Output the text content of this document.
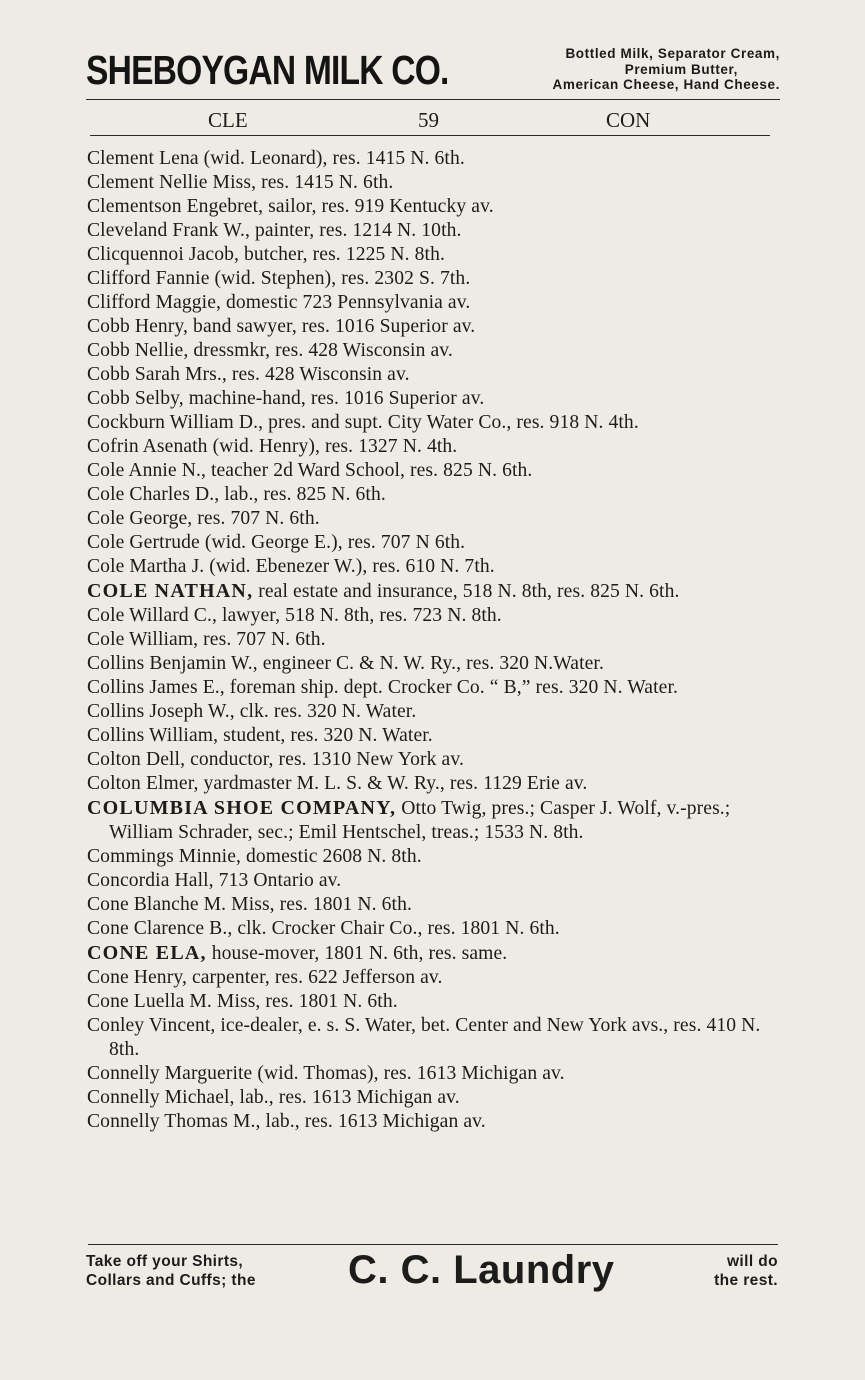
SHEBOYGAN MILK CO.	Bottled Milk, Separator Cream,
Premium Butter,
American Cheese, Hand Cheese.
CLE	59	CON
Clement Lena (wid. Leonard), res. 1415 N. 6th.
Clement Nellie Miss, res. 1415 N. 6th.
Clementson Engebret, sailor, res. 919 Kentucky av.
Cleveland Frank W., painter, res. 1214 N. 10th.
Clicquennoi Jacob, butcher, res. 1225 N. 8th.
Clifford Fannie (wid. Stephen), res. 2302 S. 7th.
Clifford Maggie, domestic 723 Pennsylvania av.
Cobb Henry, band sawyer, res. 1016 Superior av.
Cobb Nellie, dressmkr, res. 428 Wisconsin av.
Cobb Sarah Mrs., res. 428 Wisconsin av.
Cobb Selby, machine-hand, res. 1016 Superior av.
Cockburn William D., pres. and supt. City Water Co., res. 918 N. 4th.
Cofrin Asenath (wid. Henry), res. 1327 N. 4th.
Cole Annie N., teacher 2d Ward School, res. 825 N. 6th.
Cole Charles D., lab., res. 825 N. 6th.
Cole George, res. 707 N. 6th.
Cole Gertrude (wid. George E.), res. 707 N 6th.
Cole Martha J. (wid. Ebenezer W.), res. 610 N. 7th.
COLE NATHAN, real estate and insurance, 518 N. 8th, res. 825 N. 6th.
Cole Willard C., lawyer, 518 N. 8th, res. 723 N. 8th.
Cole William, res. 707 N. 6th.
Collins Benjamin W., engineer C. & N. W. Ry., res. 320 N.Water.
Collins James E., foreman ship. dept. Crocker Co. “ B,” res. 320 N. Water.
Collins Joseph W., clk. res. 320 N. Water.
Collins William, student, res. 320 N. Water.
Colton Dell, conductor, res. 1310 New York av.
Colton Elmer, yardmaster M. L. S. & W. Ry., res. 1129 Erie av.
COLUMBIA SHOE COMPANY, Otto Twig, pres.; Casper J. Wolf, v.-pres.; William Schrader, sec.; Emil Hentschel, treas.; 1533 N. 8th.
Commings Minnie, domestic 2608 N. 8th.
Concordia Hall, 713 Ontario av.
Cone Blanche M. Miss, res. 1801 N. 6th.
Cone Clarence B., clk. Crocker Chair Co., res. 1801 N. 6th.
CONE ELA, house-mover, 1801 N. 6th, res. same.
Cone Henry, carpenter, res. 622 Jefferson av.
Cone Luella M. Miss, res. 1801 N. 6th.
Conley Vincent, ice-dealer, e. s. S. Water, bet. Center and New York avs., res. 410 N. 8th.
Connelly Marguerite (wid. Thomas), res. 1613 Michigan av.
Connelly Michael, lab., res. 1613 Michigan av.
Connelly Thomas M., lab., res. 1613 Michigan av.
Take off your Shirts,
Collars and Cuffs; the C. C. Laundry	will do
the rest.
